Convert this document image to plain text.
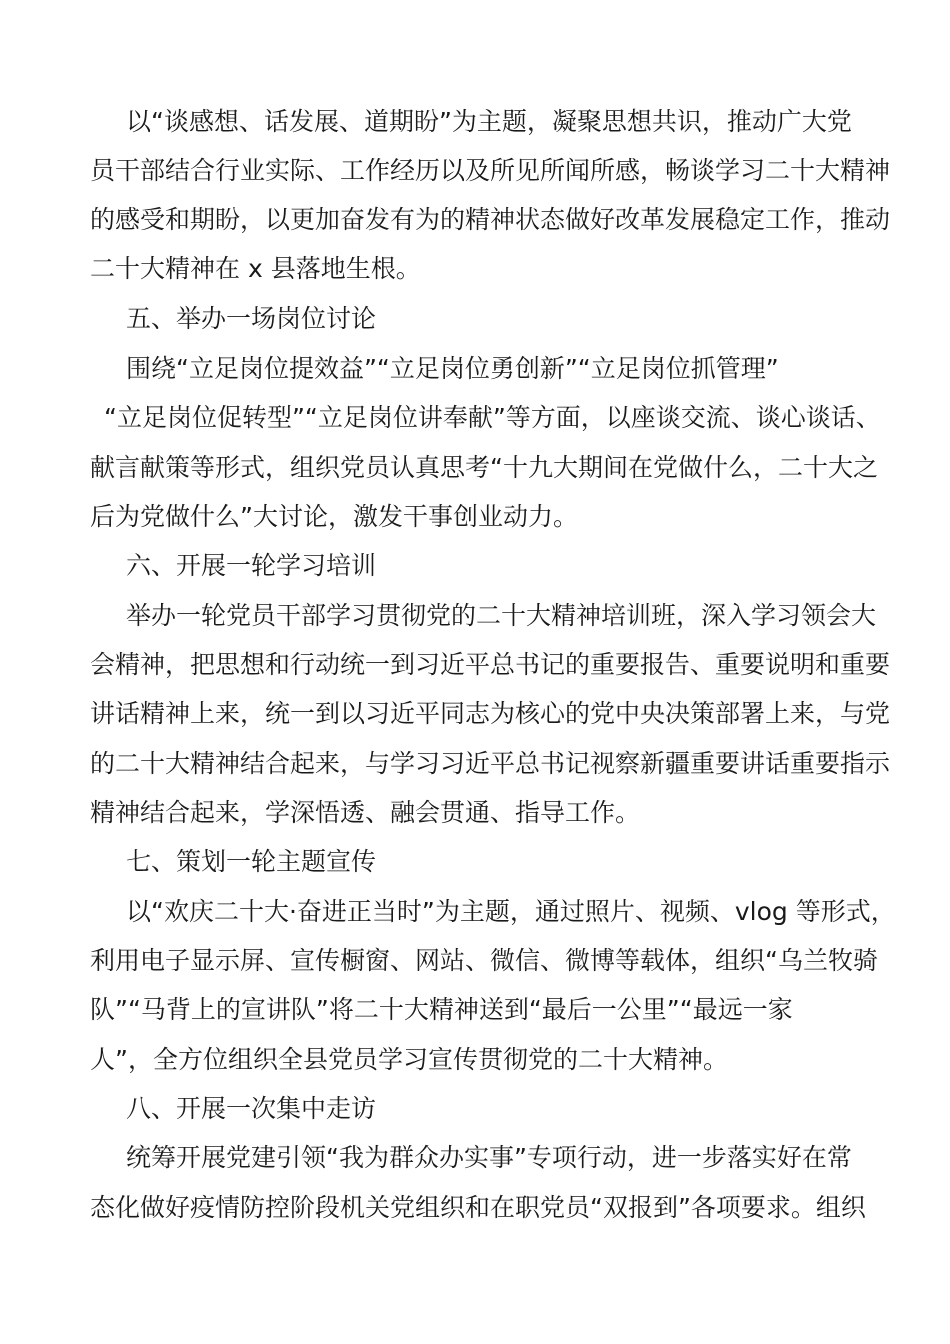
以“谈感想、话发展、道期盼”为主题，凝聚思想共识，推动广大党
员干部结合行业实际、工作经历以及所见所闻所感，畅谈学习二十大精神
的感受和期盼，以更加奋发有为的精神状态做好改革发展稳定工作，推动
二十大精神在 x 县落地生根。
五、举办一场岗位讨论
围绕“立足岗位提效益”“立足岗位勇创新”“立足岗位抓管理”
“立足岗位促转型”“立足岗位讲奉献”等方面，以座谈交流、谈心谈话、
献言献策等形式，组织党员认真思考“十九大期间在党做什么，二十大之
后为党做什么”大讨论，激发干事创业动力。
六、开展一轮学习培训
举办一轮党员干部学习贯彻党的二十大精神培训班，深入学习领会大
会精神，把思想和行动统一到习近平总书记的重要报告、重要说明和重要
讲话精神上来，统一到以习近平同志为核心的党中央决策部署上来，与党
的二十大精神结合起来，与学习习近平总书记视察新疆重要讲话重要指示
精神结合起来，学深悟透、融会贯通、指导工作。
七、策划一轮主题宣传
以“欢庆二十大·奋进正当时”为主题，通过照片、视频、vlog 等形式，
利用电子显示屏、宣传橱窗、网站、微信、微博等载体，组织“乌兰牧骑
队”“马背上的宣讲队”将二十大精神送到“最后一公里”“最远一家
人”，全方位组织全县党员学习宣传贯彻党的二十大精神。
八、开展一次集中走访
统筹开展党建引领“我为群众办实事”专项行动，进一步落实好在常
态化做好疫情防控阶段机关党组织和在职党员“双报到”各项要求。组织
